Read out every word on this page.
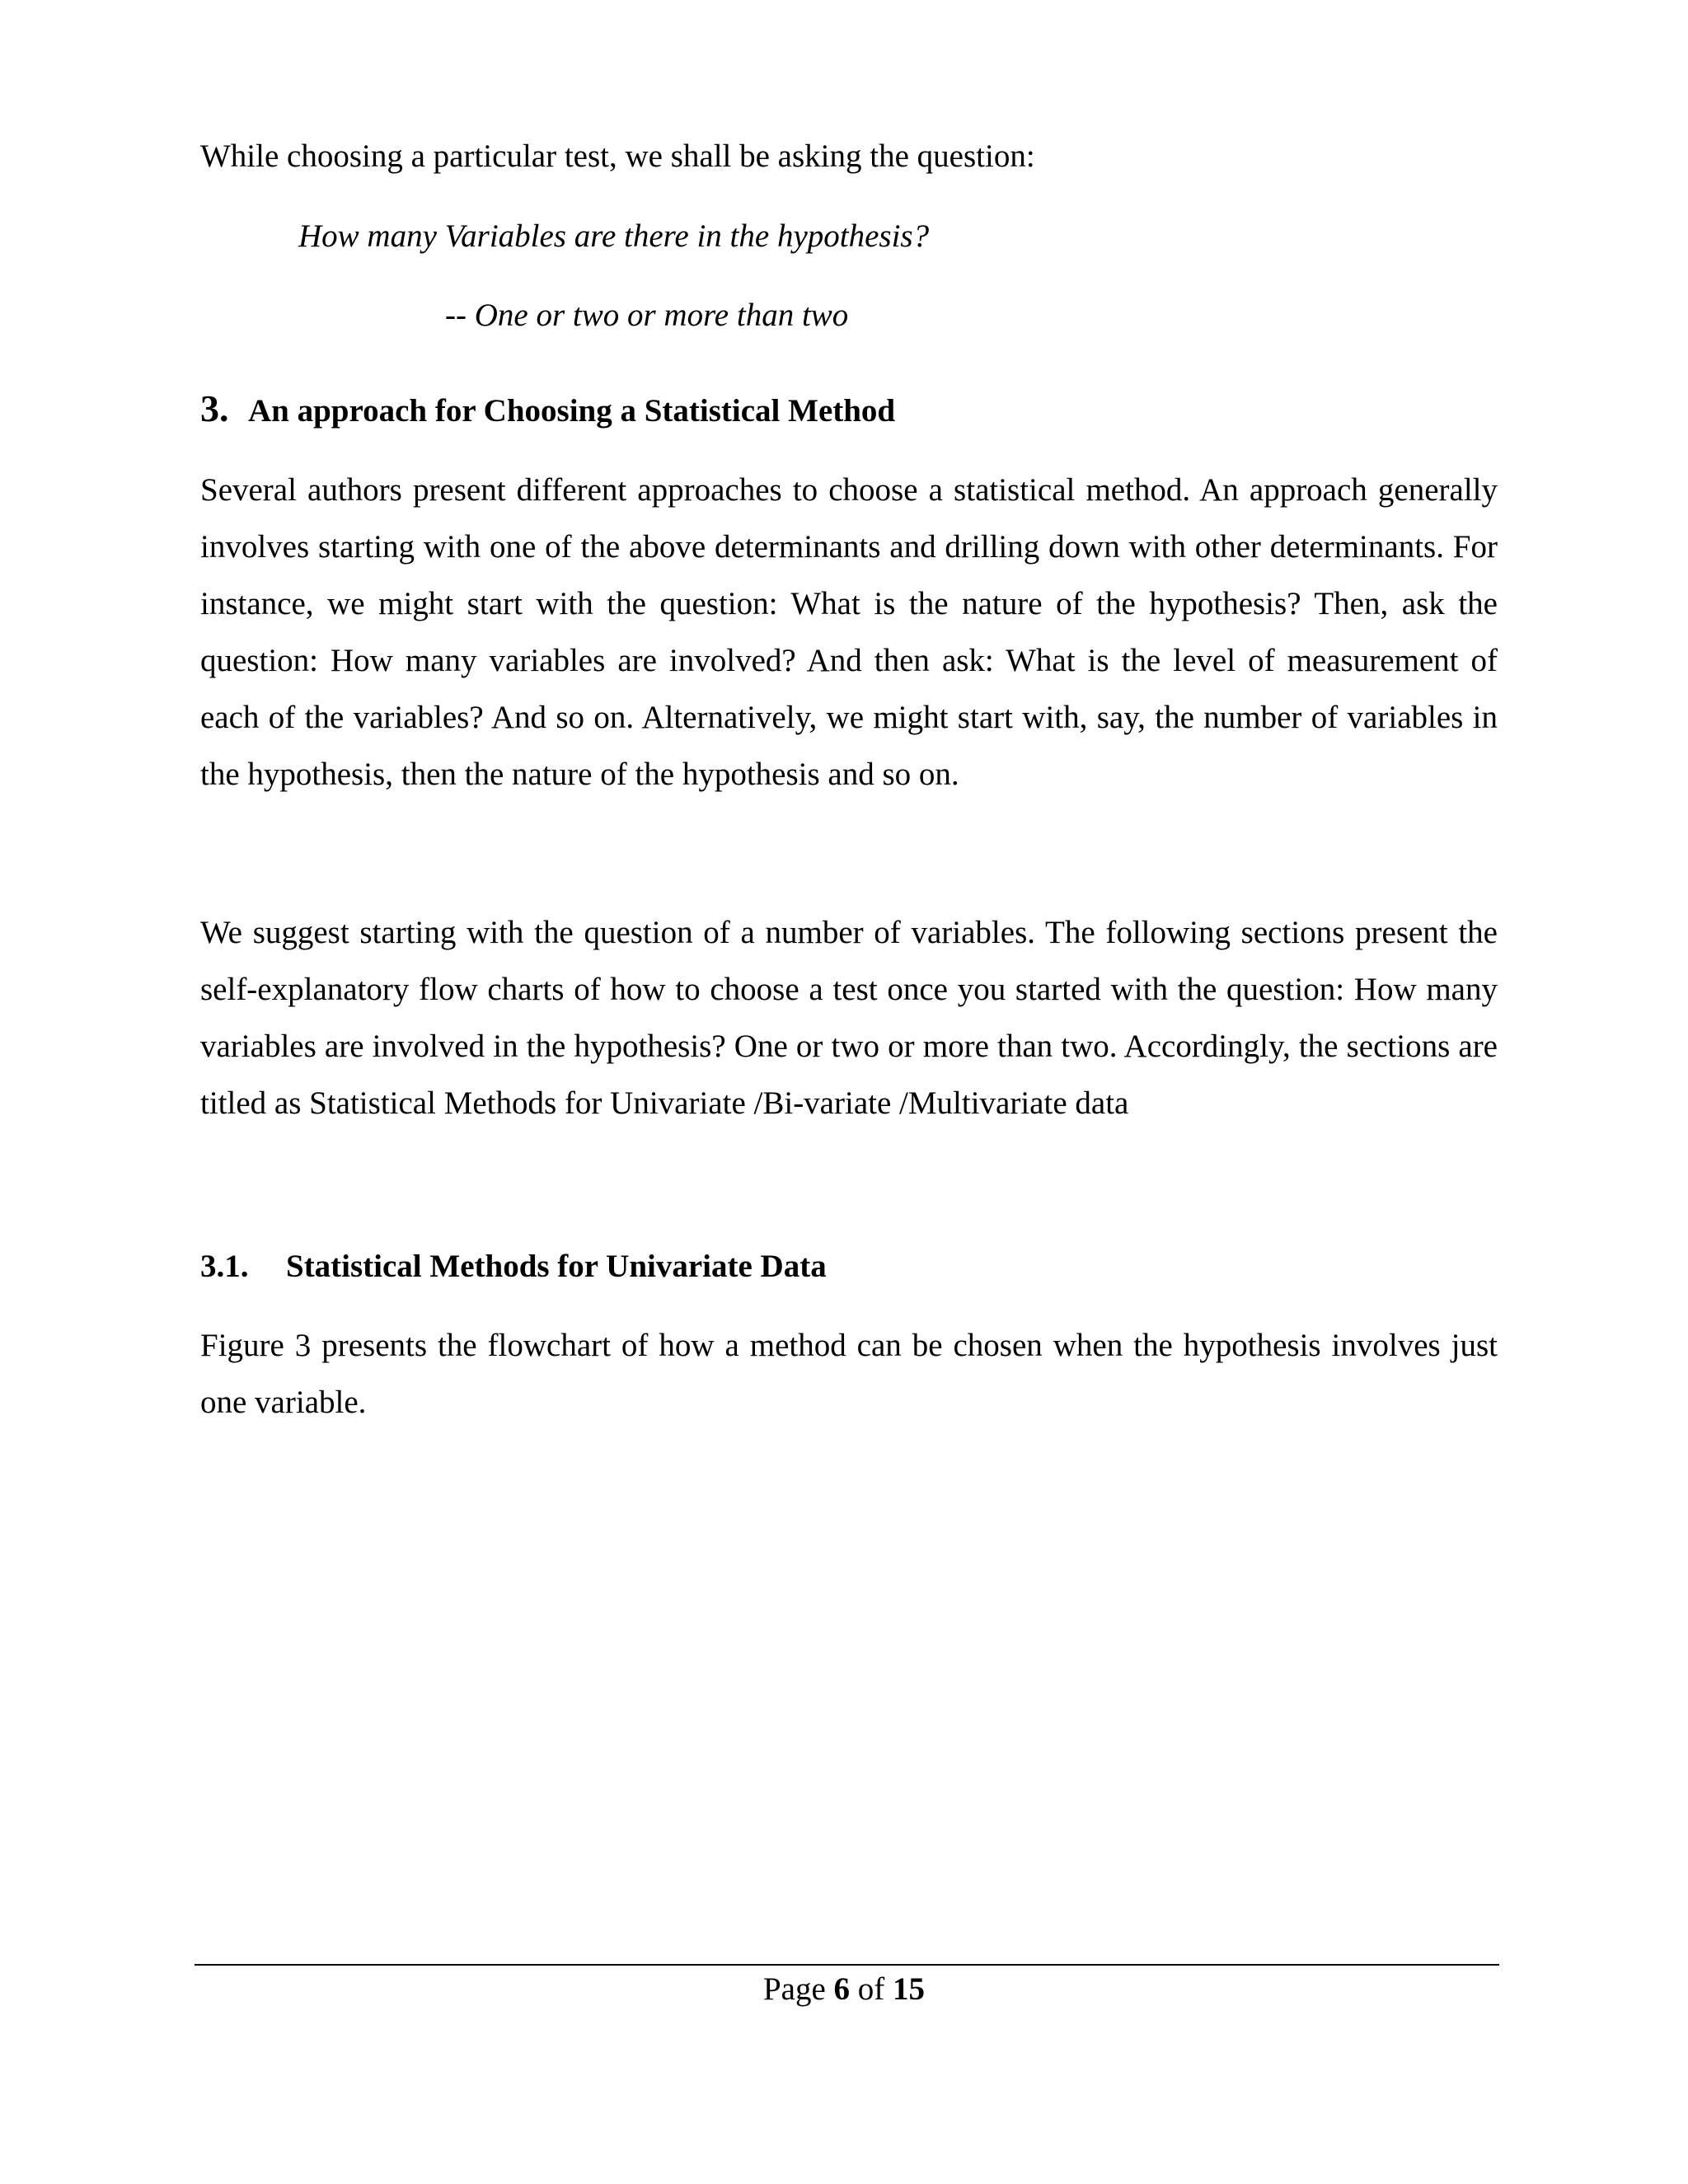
While choosing a particular test, we shall be asking the question:
How many Variables are there in the hypothesis?
-- One or two or more than two
3. An approach for Choosing a Statistical Method
Several authors present different approaches to choose a statistical method. An approach generally involves starting with one of the above determinants and drilling down with other determinants. For instance, we might start with the question: What is the nature of the hypothesis? Then, ask the question: How many variables are involved? And then ask: What is the level of measurement of each of the variables? And so on. Alternatively, we might start with, say, the number of variables in the hypothesis, then the nature of the hypothesis and so on.
We suggest starting with the question of a number of variables. The following sections present the self-explanatory flow charts of how to choose a test once you started with the question: How many variables are involved in the hypothesis? One or two or more than two. Accordingly, the sections are titled as Statistical Methods for Univariate /Bi-variate /Multivariate data
3.1. Statistical Methods for Univariate Data
Figure 3 presents the flowchart of how a method can be chosen when the hypothesis involves just one variable.
Page 6 of 15
